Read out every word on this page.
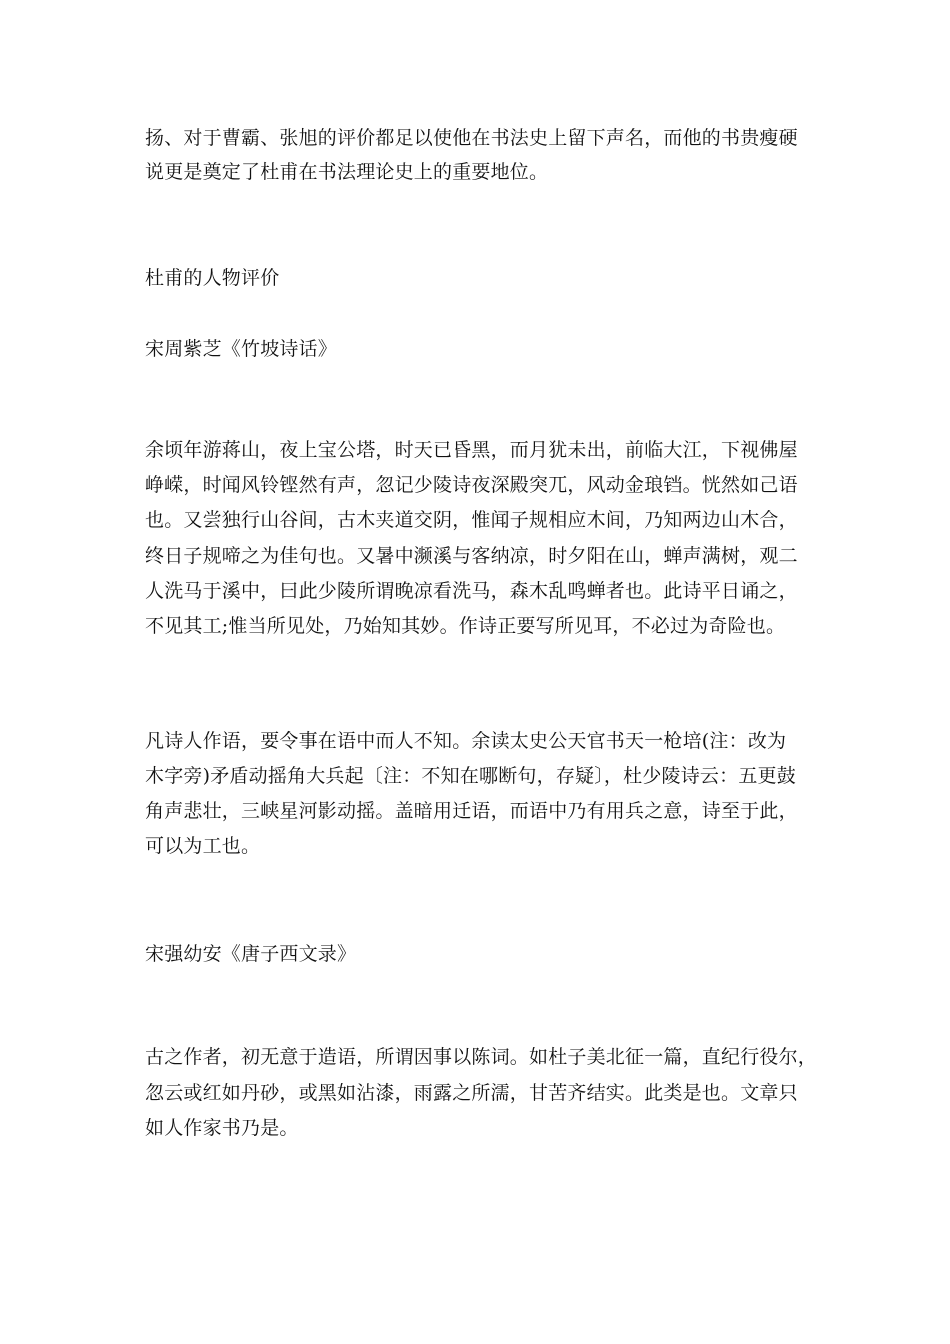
扬、对于曹霸、张旭的评价都足以使他在书法史上留下声名，而他的书贵瘦硬
说更是奠定了杜甫在书法理论史上的重要地位。
杜甫的人物评价
宋周紫芝《竹坡诗话》
余顷年游蒋山，夜上宝公塔，时天已昏黑，而月犹未出，前临大江，下视佛屋
峥嵘，时闻风铃铿然有声，忽记少陵诗夜深殿突兀，风动金琅铛。恍然如己语
也。又尝独行山谷间，古木夹道交阴，惟闻子规相应木间，乃知两边山木合，
终日子规啼之为佳句也。又暑中濒溪与客纳凉，时夕阳在山，蝉声满树，观二
人洗马于溪中，曰此少陵所谓晚凉看洗马，森木乱鸣蝉者也。此诗平日诵之，
不见其工;惟当所见处，乃始知其妙。作诗正要写所见耳，不必过为奇险也。
凡诗人作语，要令事在语中而人不知。余读太史公天官书天一枪培(注：改为
木字旁)矛盾动摇角大兵起〔注：不知在哪断句，存疑〕，杜少陵诗云：五更鼓
角声悲壮，三峡星河影动摇。盖暗用迁语，而语中乃有用兵之意，诗至于此，
可以为工也。
宋强幼安《唐子西文录》
古之作者，初无意于造语，所谓因事以陈词。如杜子美北征一篇，直纪行役尔，
忽云或红如丹砂，或黑如沾漆，雨露之所濡，甘苦齐结实。此类是也。文章只
如人作家书乃是。
